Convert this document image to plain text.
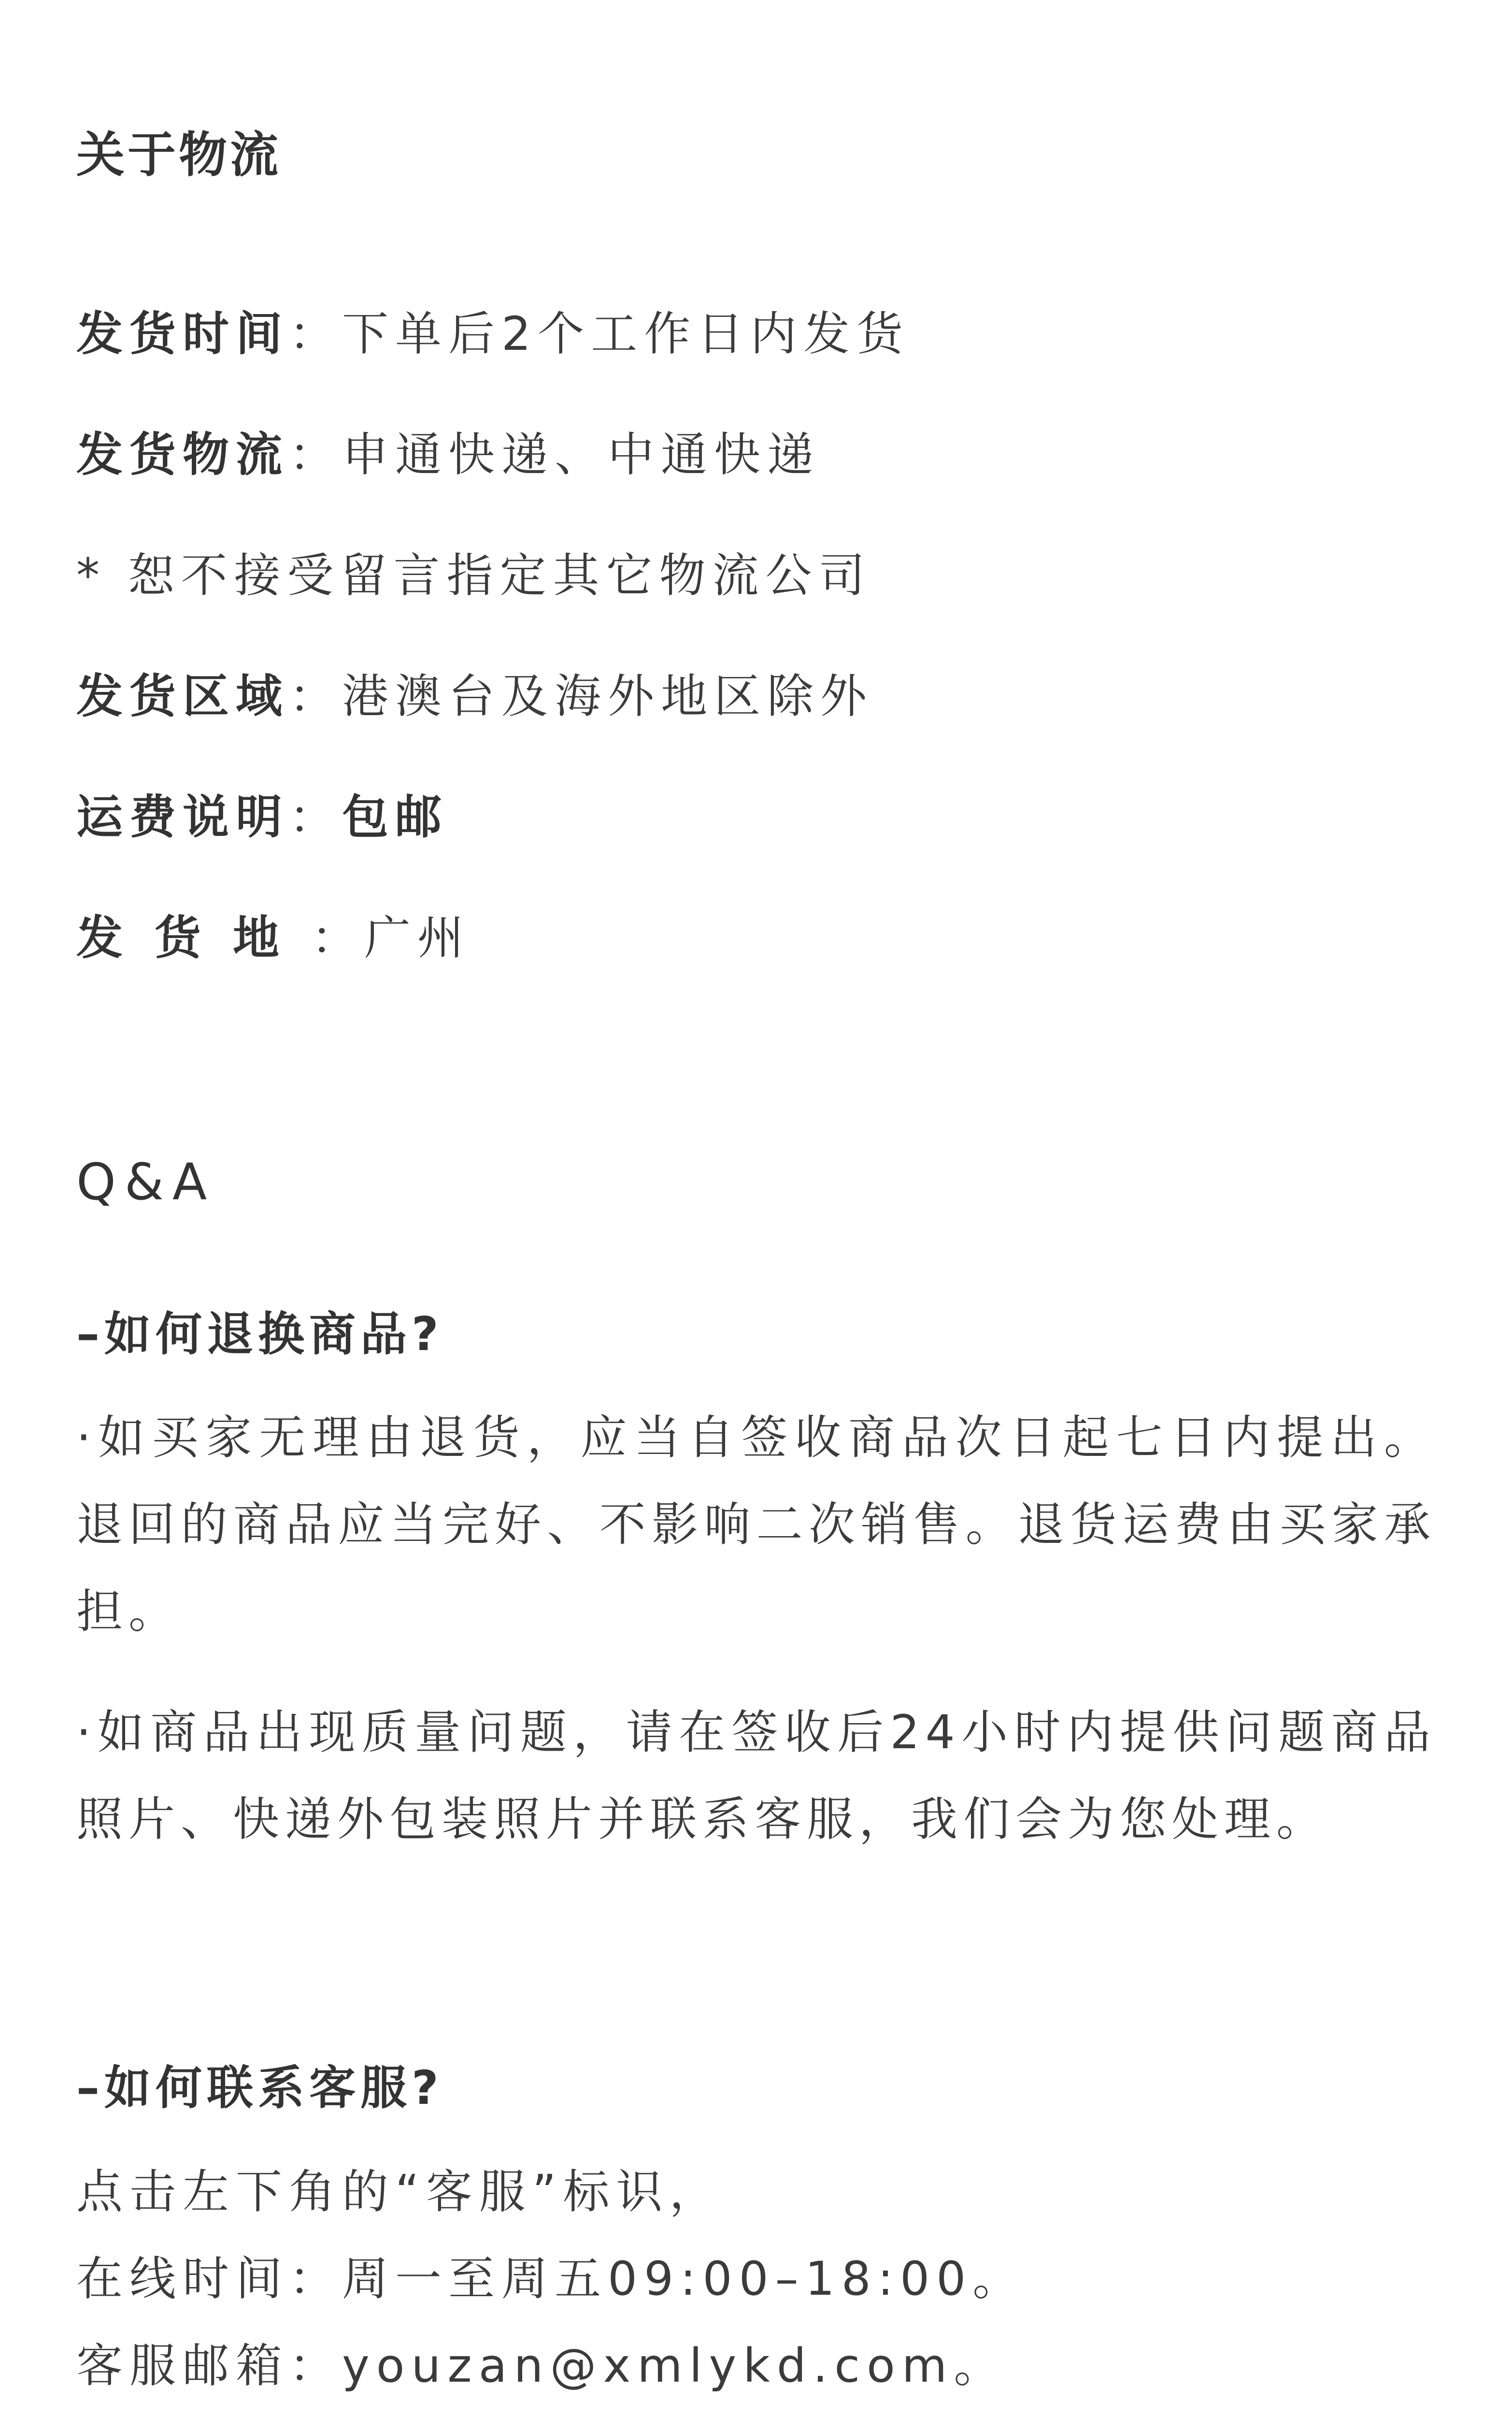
关于物流
发货时间：下单后2个工作日内发货
发货物流：申通快递、中通快递
* 恕不接受留言指定其它物流公司
发货区域：港澳台及海外地区除外
运费说明：包邮
发货地：广州
Q&A
–如何退换商品?
·如买家无理由退货，应当自签收商品次日起七日内提出。退回的商品应当完好、不影响二次销售。退货运费由买家承担。
·如商品出现质量问题，请在签收后24小时内提供问题商品照片、快递外包装照片并联系客服，我们会为您处理。
–如何联系客服?
点击左下角的“客服”标识，
在线时间：周一至周五09:00–18:00。
客服邮箱：youzan@xmlykd.com。
